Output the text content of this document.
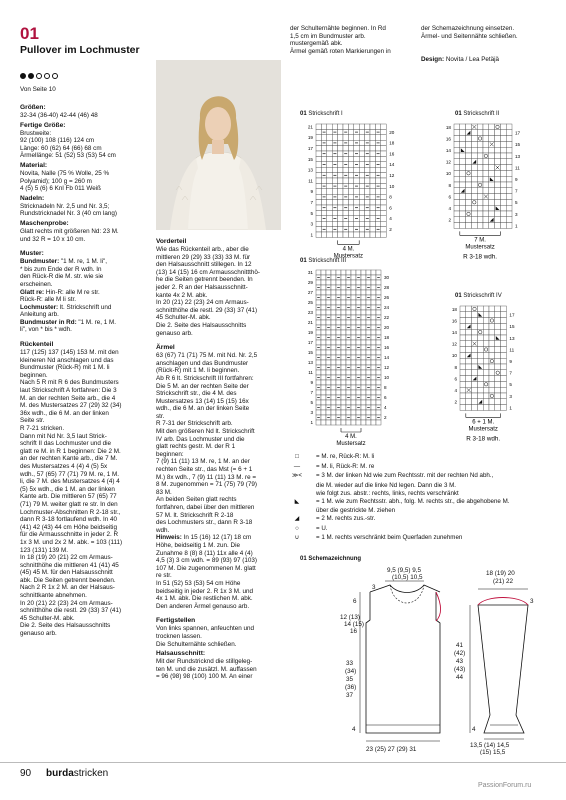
01
Pullover im Lochmuster
Von Seite 10
Größen:
32-34 (36-40) 42-44 (46) 48
Fertige Größe:
Brustweite:
92 (100) 108 (116) 124 cm
Länge: 60 (62) 64 (66) 68 cm
Ärmellänge: 51 (52) 53 (53) 54 cm
Material:
Novita, Nalle (75 % Wolle, 25 %
Polyamid); 100 g = 260 m
4 (5) 5 (6) 6 Knl Fb 011 Weiß
Nadeln:
Stricknadeln Nr. 2,5 und Nr. 3,5;
Rundstricknadel Nr. 3 (40 cm lang)
Maschenprobe:
Glatt rechts mit größeren Nd: 23 M.
und 32 R = 10 x 10 cm.
Muster:
Bundmuster: "1 M. re, 1 M. li",
* bis zum Ende der R wdh. In
den Rück-R die M. str. wie sie
erscheinen.
Glatt re: Hin-R: alle M re str.
Rück-R: alle M li str.
Lochmuster: lt. Strickschrift und
Anleitung arb.
Bundmuster in Rd: "1 M. re, 1 M.
li", von * bis * wdh.
Rückenteil
117 (125) 137 (145) 153 M. mit den
kleineren Nd anschlagen und das
Bundmuster (Rück-R) mit 1 M. li
beginnen.
Nach 5 R mit R 6 des Bundmusters
laut Strickschrift A fortfahren: Die 3
M. an der rechten Seite arb., die 4
M. des Mustersatzes 27 (29) 32 (34)
36x wdh., die 6 M. an der linken
Seite str.
R 7-21 stricken.
Dann mit Nd Nr. 3,5 laut Strick-
schrift II das Lochmuster und die
glatt re M. in R 1 beginnen: Die 2 M.
an der rechten Kante arb., die 7 M.
des Mustersatzes 4 (4) 4 (5) 5x
wdh., 57 (65) 77 (71) 79 M. re, 1 M.
li, die 7 M. des Mustersatzes 4 (4) 4
(5) 5x wdh., die 1 M. an der linken
Kante arb. Die mittleren 57 (65) 77
(71) 79 M. weiter glatt re str. In den
Lochmuster-Abschnitten R 2-18 str.,
dann R 3-18 fortlaufend wdh. In 40
(41) 42 (43) 44 cm Höhe beidseitig
für die Armausschnitte in jeder 2. R
1x 3 M. und 2x 2 M. abk. = 103 (111)
123 (131) 139 M.
In 18 (19) 20 (21) 22 cm Armaus-
schnitthöhe die mittleren 41 (41) 45
(45) 45 M. für den Halsausschnitt
abk. Die Seiten getrennt beenden.
Nach 2 R 1x 2 M. an der Halsaus-
schnittkante abnehmen.
In 20 (21) 22 (23) 24 cm Armaus-
schnitthöhe die restl. 29 (33) 37 (41)
45 Schulter-M. abk.
Die 2. Seite des Halsausschnitts
genauso arb.
Vorderteil
Wie das Rückenteil arb., aber die
mittleren 29 (29) 33 (33) 33 M. für
den Halsausschnitt stillegen. In 12
(13) 14 (15) 16 cm Armausschnittthö-
he die Seiten getrennt beenden. In
jeder 2. R an der Halsausschnitt-
kante 4x 2 M. abk.
In 20 (21) 22 (23) 24 cm Armaus-
schnitthöhe die restl. 29 (33) 37 (41)
45 Schulter-M. abk.
Die 2. Seite des Halsausschnitts
genauso arb.
Ärmel
63 (67) 71 (71) 75 M. mit Nd. Nr. 2,5
anschlagen und das Bundmuster
(Rück-R) mit 1 M. li beginnen.
Ab R 6 lt. Strickschrift III fortfahren:
Die 5 M. an der rechten Seite der
Strickschrift str., die 4 M. des
Mustersatzes 13 (14) 15 (15) 16x
wdh., die 6 M. an der linken Seite
str.
R 7-31 der Strickschrift arb.
Mit den größeren Nd lt. Strickschrift
IV arb. Das Lochmuster und die
glatt rechts gestr. M. der R 1
beginnen:
7 (9) 11 (11) 13 M. re, 1 M. an der
rechten Seite str., das Mst (= 6 + 1
M.) 8x wdh., 7 (9) 11 (11) 13 M. re =
8 M. zugenommen = 71 (75) 79 (79)
83 M.
An beiden Seiten glatt rechts
fortfahren, dabei über den mittleren
57 M. lt. Strickschrift R 2-18
des Lochmusters str., dann R 3-18
wdh.
Hinweis: In 15 (16) 12 (17) 18 cm
Höhe, beidseitig 1 M. zun. Die
Zunahme 8 (8) 8 (11) 11x alle 4 (4)
4,5 (3) 3 cm wdh. = 89 (93) 97 (103)
107 M. Die zugenommenen M. glatt
re str.
In 51 (52) 53 (53) 54 cm Höhe
beidseitig in jeder 2. R 1x 3 M. und
4x 1 M. abk. Die restlichen M. abk.
Den anderen Ärmel genauso arb.
Fertigstellen
Von links spannen, anfeuchten und
trocknen lassen.
Die Schulternähte schließen.
Halsausschnitt:
Mit der Rundstricknd die stillgeleg-
ten M. und die zusätzl. M. auffassen
= 96 (98) 98 (100) 100 M. An einer
der Schulternähte beginnen. In Rd
1,5 cm im Bundmuster arb.
mustergemäß abk.
Ärmel gemäß roten Markierungen in
der Schemazeichnung einsetzen.
Ärmel- und Seitennähte schließen.
Design: Novita / Lea Petäjä
01 Strickschrift I
21
20
19
18
17
16
15
14
13
12
11
10
9
8
7
6
5
4
3
2
1
4 M.
Mustersatz
01 Strickschrift II
18
17
16
15
14
13
12
11
10
9
8
7
6
5
4
3
2
1
7 M.
Mustersatz
R 3-18 wdh.
01 Strickschrift III
31
30
29
28
27
26
25
24
23
22
21
20
19
18
17
16
15
14
13
12
11
10
9
8
7
6
5
4
3
2
1
4 M.
Mustersatz
01 Strickschrift IV
18
17
16
15
14
13
12
11
10
9
8
7
6
5
4
3
2
1
6 + 1 M.
Mustersatz
R 3-18 wdh.
01 Schemazeichnung
9,5 (9,5) 9,5
(10,5) 10,5
3
6
12 (13)
14 (15)
16
33
(34)
35
(36)
37
4
23 (25) 27 (29) 31
18 (19) 20
(21) 22
3
41
(42)
43
(43)
44
4
13,5 (14) 14,5
(15) 15,5
90 burdastricken
PassionForum.ru
□	= M. re, Rück-R: M. li
—	= M. li, Rück-R: M. re
≫<	= 3 M. der linken Nd wie zum Rechtsstr. mit der rechten Nd abh.,
die M. wieder auf die linke Nd legen. Dann die 3 M.
wie folgt zus. abstr.: rechts, links, rechts verschränkt
◣	= 1 M. wie zum Rechtsstr. abh., folg. M. rechts str., die abgehobene M.
über die gestrickte M. ziehen
◢	= 2 M. rechts zus.-str.
○	= U.
∪	= 1 M. rechts verschränkt beim Querfaden zunehmen
